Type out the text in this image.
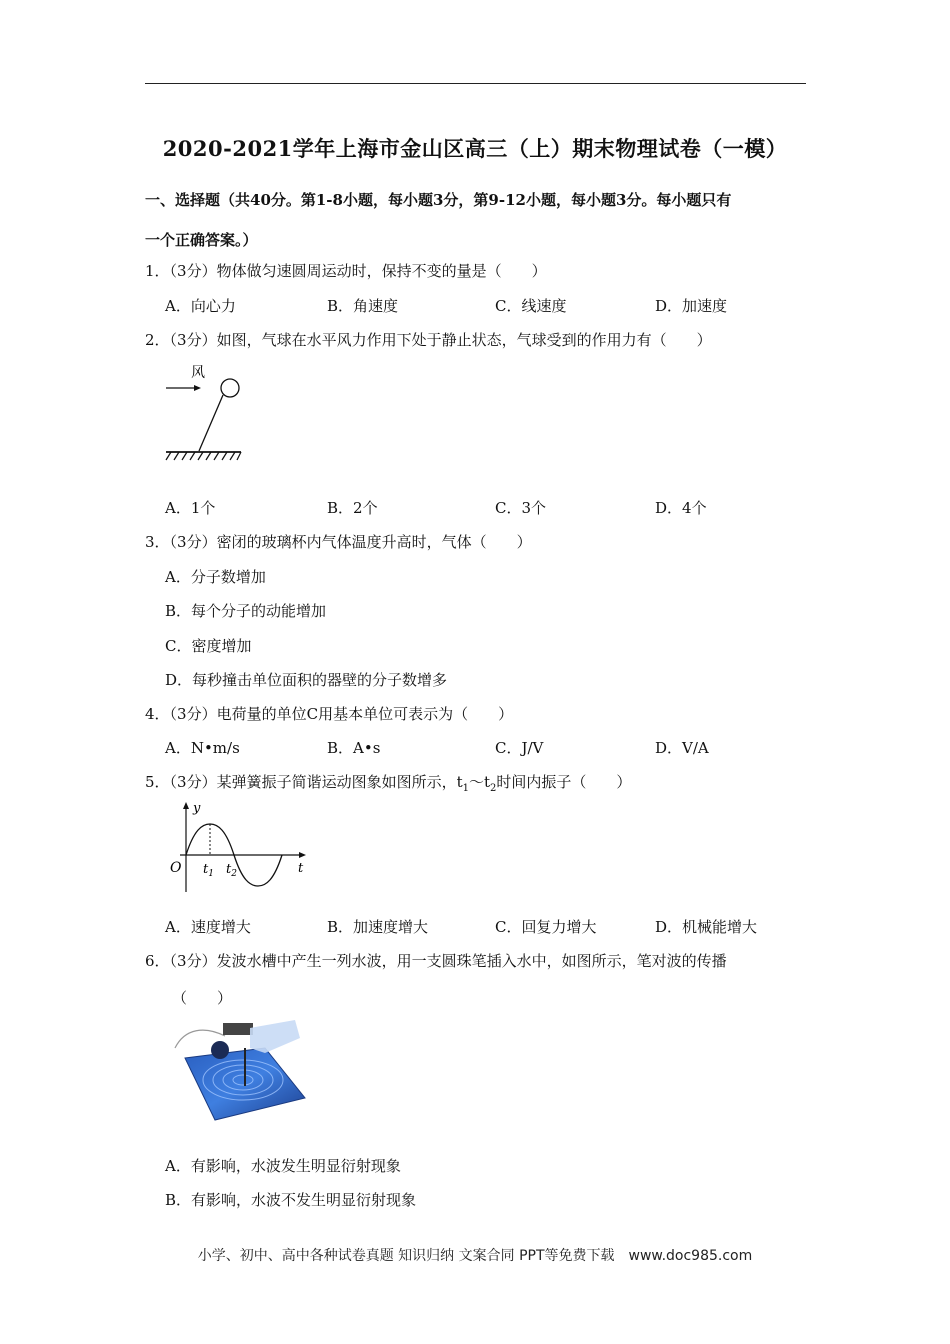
2020-2021学年上海市金山区高三（上）期末物理试卷（一模）
一、选择题（共40分。第1-8小题，每小题3分，第9-12小题，每小题3分。每小题只有
一个正确答案。）
1．（3分）物体做匀速圆周运动时，保持不变的量是（　　）
A．向心力	B．角速度	C．线速度	D．加速度
2．（3分）如图，气球在水平风力作用下处于静止状态，气球受到的作用力有（　　）
风
A．1个	B．2个	C．3个	D．4个
3．（3分）密闭的玻璃杯内气体温度升高时，气体（　　）
A．分子数增加
B．每个分子的动能增加
C．密度增加
D．每秒撞击单位面积的器壁的分子数增多
4．（3分）电荷量的单位C用基本单位可表示为（　　）
A．N•m/s	B．A•s	C．J/V	D．V/A
5．（3分）某弹簧振子简谐运动图象如图所示，$t_1\sim t_2$时间内振子（　　）
y
O $t_1$ $t_2$	t
A．速度增大	B．加速度增大	C．回复力增大	D．机械能增大
6．（3分）发波水槽中产生一列水波，用一支圆珠笔插入水中，如图所示，笔对波的传播
（　　）
A．有影响，水波发生明显衍射现象
B．有影响，水波不发生明显衍射现象
小学、初中、高中各种试卷真题 知识归纳 文案合同 PPT等免费下载　www.doc985.com
